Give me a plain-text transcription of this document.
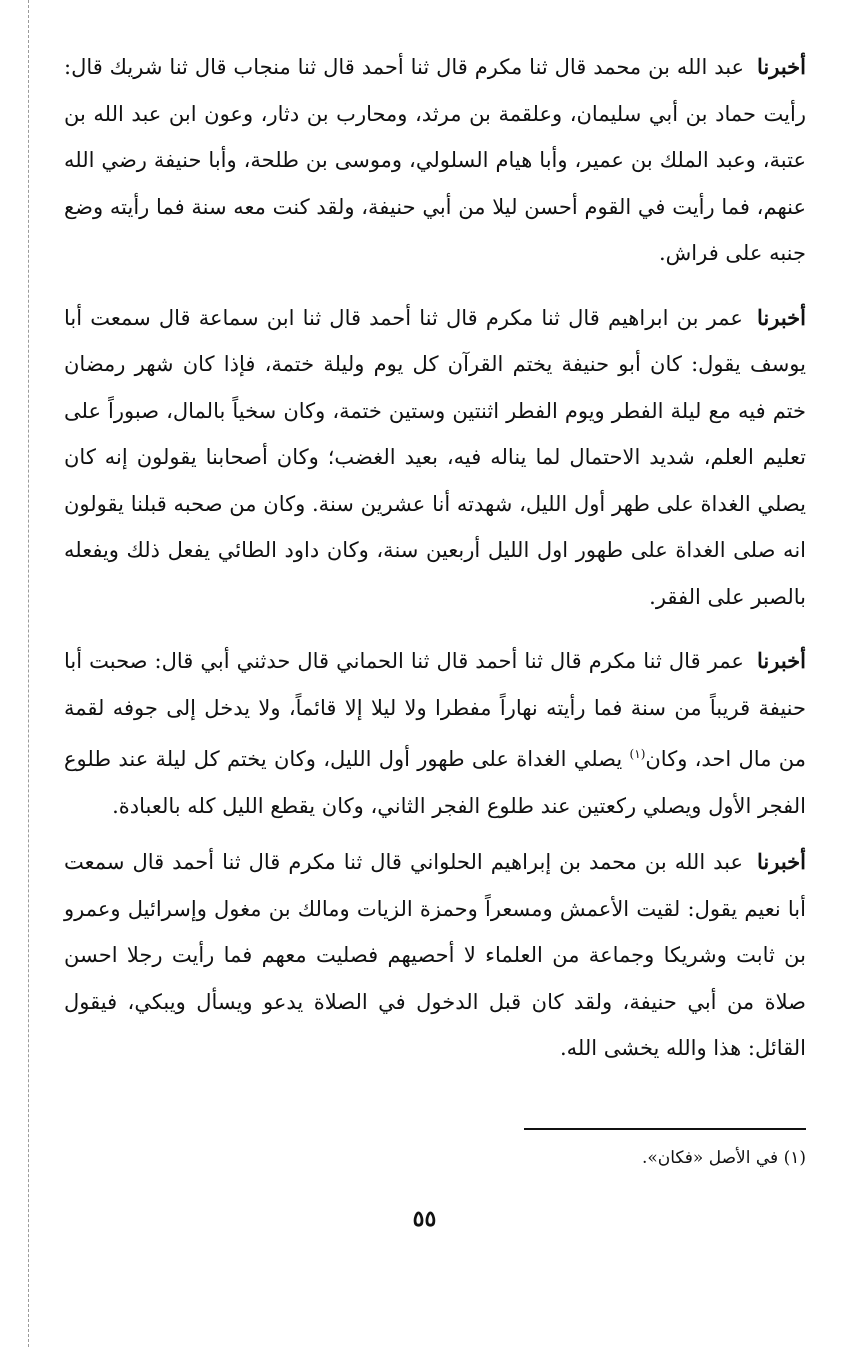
أخبرنا عبد الله بن محمد قال ثنا مكرم قال ثنا أحمد قال ثنا منجاب قال ثنا شريك قال: رأيت حماد بن أبي سليمان، وعلقمة بن مرثد، ومحارب بن دثار، وعون ابن عبد الله بن عتبة، وعبد الملك بن عمير، وأبا هيام السلولي، وموسى بن طلحة، وأبا حنيفة رضي الله عنهم، فما رأيت في القوم أحسن ليلا من أبي حنيفة، ولقد كنت معه سنة فما رأيته وضع جنبه على فراش.

أخبرنا عمر بن ابراهيم قال ثنا مكرم قال ثنا أحمد قال ثنا ابن سماعة قال سمعت أبا يوسف يقول: كان أبو حنيفة يختم القرآن كل يوم وليلة ختمة، فإذا كان شهر رمضان ختم فيه مع ليلة الفطر ويوم الفطر اثنتين وستين ختمة، وكان سخياً بالمال، صبوراً على تعليم العلم، شديد الاحتمال لما يناله فيه، بعيد الغضب؛ وكان أصحابنا يقولون إنه كان يصلي الغداة على طهر أول الليل، شهدته أنا عشرين سنة. وكان من صحبه قبلنا يقولون انه صلى الغداة على طهور اول الليل أربعين سنة، وكان داود الطائي يفعل ذلك ويفعله بالصبر على الفقر.

أخبرنا عمر قال ثنا مكرم قال ثنا أحمد قال ثنا الحماني قال حدثني أبي قال: صحبت أبا حنيفة قريباً من سنة فما رأيته نهاراً مفطرا ولا ليلا إلا قائماً، ولا يدخل إلى جوفه لقمة من مال احد، وكان$^{(١)}$ يصلي الغداة على طهور أول الليل، وكان يختم كل ليلة عند طلوع الفجر الأول ويصلي ركعتين عند طلوع الفجر الثاني، وكان يقطع الليل كله بالعبادة.

أخبرنا عبد الله بن محمد بن إبراهيم الحلواني قال ثنا مكرم قال ثنا أحمد قال سمعت أبا نعيم يقول: لقيت الأعمش ومسعراً وحمزة الزيات ومالك بن مغول وإسرائيل وعمرو بن ثابت وشريكا وجماعة من العلماء لا أحصيهم فصليت معهم فما رأيت رجلا احسن صلاة من أبي حنيفة، ولقد كان قبل الدخول في الصلاة يدعو ويسأل ويبكي، فيقول القائل: هذا والله يخشى الله.

(١) في الأصل «فكان».

٥٥
